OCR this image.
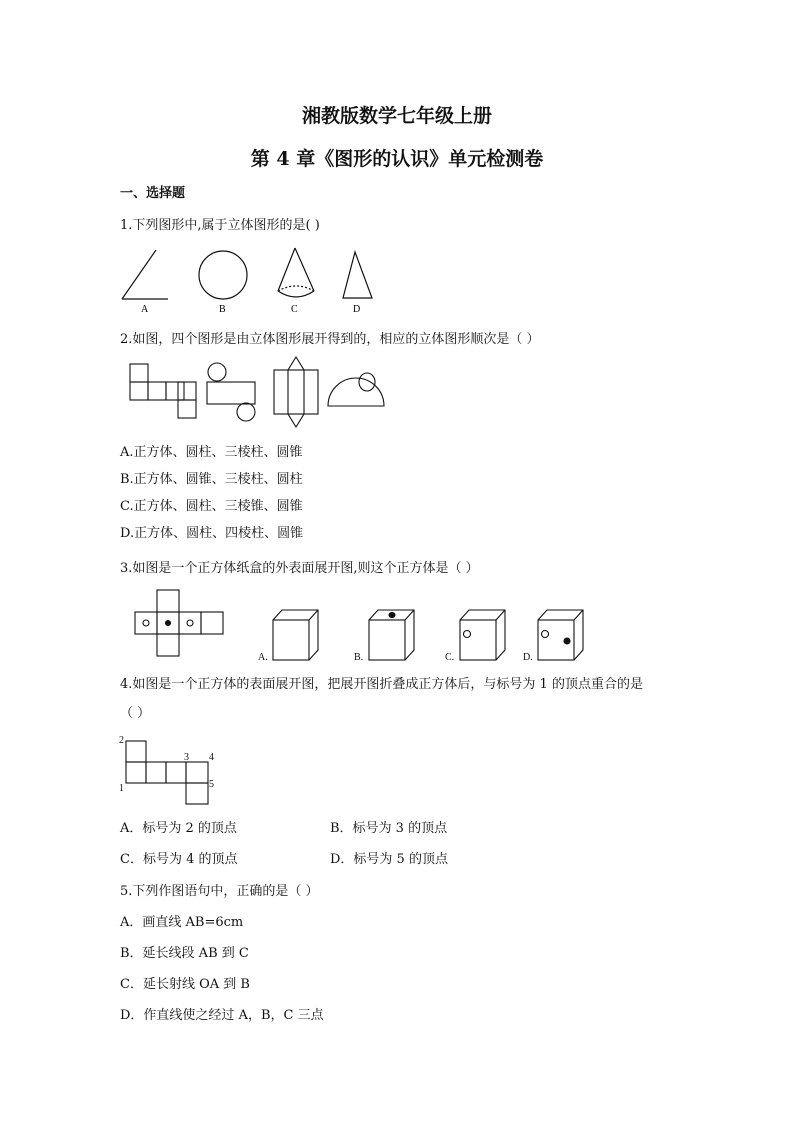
湘教版数学七年级上册
第 4 章《图形的认识》单元检测卷
一、选择题
1.下列图形中,属于立体图形的是( )
A	B	C	D
2.如图，四个图形是由立体图形展开得到的，相应的立体图形顺次是（ ）
A.正方体、圆柱、三棱柱、圆锥
B.正方体、圆锥、三棱柱、圆柱
C.正方体、圆柱、三棱锥、圆锥
D.正方体、圆柱、四棱柱、圆锥
3.如图是一个正方体纸盒的外表面展开图,则这个正方体是（ ）
A.	B.	C.	D.
4.如图是一个正方体的表面展开图，把展开图折叠成正方体后，与标号为 1 的顶点重合的是
（ ）
2
3 4
1	5
A．标号为 2 的顶点	B．标号为 3 的顶点
C．标号为 4 的顶点	D．标号为 5 的顶点
5.下列作图语句中，正确的是（ ）
A．画直线 AB=6cm
B．延长线段 AB 到 C
C．延长射线 OA 到 B
D．作直线使之经过 A，B，C 三点
